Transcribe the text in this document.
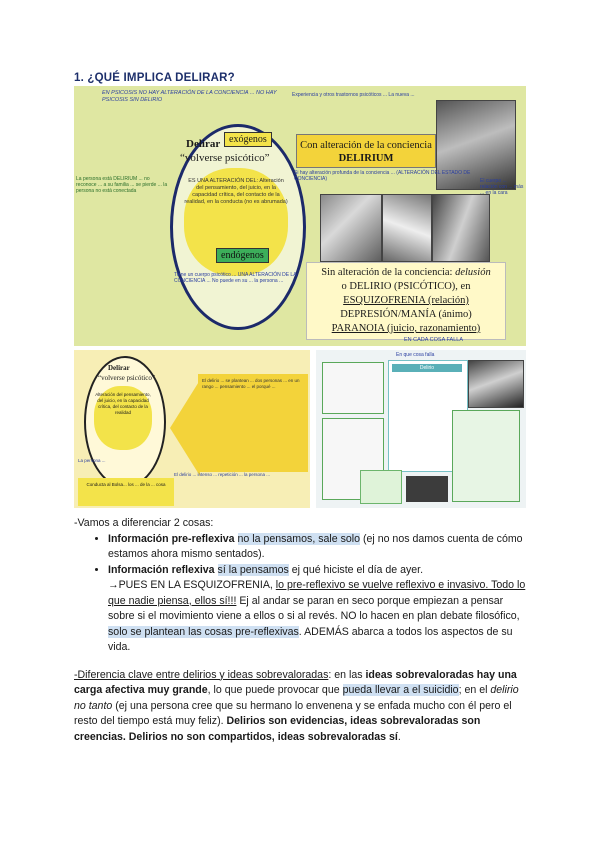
1. ¿QUÉ IMPLICA DELIRAR?
EN PSICOSIS NO HAY ALTERACIÓN DE LA CONCIENCIA ... NO HAY PSICOSIS SIN DELIRIO
Experiencia y otros trastornos psicóticos ... La nueva ...
La persona está DELIRIUM ... no reconoce ... a su familia ... se pierde ... la persona no está conectada
Delirar
“volverse psicótico”
ES UNA ALTERACIÓN DEL: Alteración del pensamiento, del juicio, en la capacidad crítica, del contacto de la realidad, en la conducta (no es abrumada)
exógenos
endógenos
Con alteración de la conciencia
DELIRIUM
Si hay alteración profunda de la conciencia ... (ALTERACIÓN DEL ESTADO DE CONCIENCIA)	El cuerpo ... relación con ... más ... en la cara
Tiene un cuerpo psicótico ... UNA ALTERACIÓN DE LA CONCIENCIA ... No puede en su ... la persona ...
Sin alteración de la conciencia: delusión
o DELIRIO (PSICÓTICO), en
ESQUIZOFRENIA (relación)
DEPRESIÓN/MANÍA (ánimo)
PARANOIA (juicio, razonamiento)
EN CADA COSA FALLA
Delirar
“volverse psicótico”
Alteración del pensamiento, del juicio, en la capacidad crítica, del contacto de la realidad
El delirio ... se plantean ... dos personas ... en un rango ... pensamiento ... el porqué ...
La persona ...
Conducta al Bolsa... los ... de la ... cosa
El delirio ... intenso ... repetición ... la persona ...
En que cosa falla
Delirio
-Vamos a diferenciar 2 cosas:
• Información pre-reflexiva no la pensamos, sale solo (ej no nos damos cuenta de cómo estamos ahora mismo sentados).
• Información reflexiva sí la pensamos ej qué hiciste el día de ayer.
→PUES EN LA ESQUIZOFRENIA, lo pre-reflexivo se vuelve reflexivo e invasivo. Todo lo que nadie piensa, ellos sí!!! Ej al andar se paran en seco porque empiezan a pensar sobre si el movimiento viene a ellos o si al revés. NO lo hacen en plan debate filosófico, solo se plantean las cosas pre-reflexivas. ADEMÁS abarca a todos los aspectos de su vida.
-Diferencia clave entre delirios y ideas sobrevaloradas: en las ideas sobrevaloradas hay una carga afectiva muy grande, lo que puede provocar que pueda llevar a el suicidio; en el delirio no tanto (ej una persona cree que su hermano lo envenena y se enfada mucho con él pero el resto del tiempo está muy feliz). Delirios son evidencias, ideas sobrevaloradas son creencias. Delirios no son compartidos, ideas sobrevaloradas sí.
